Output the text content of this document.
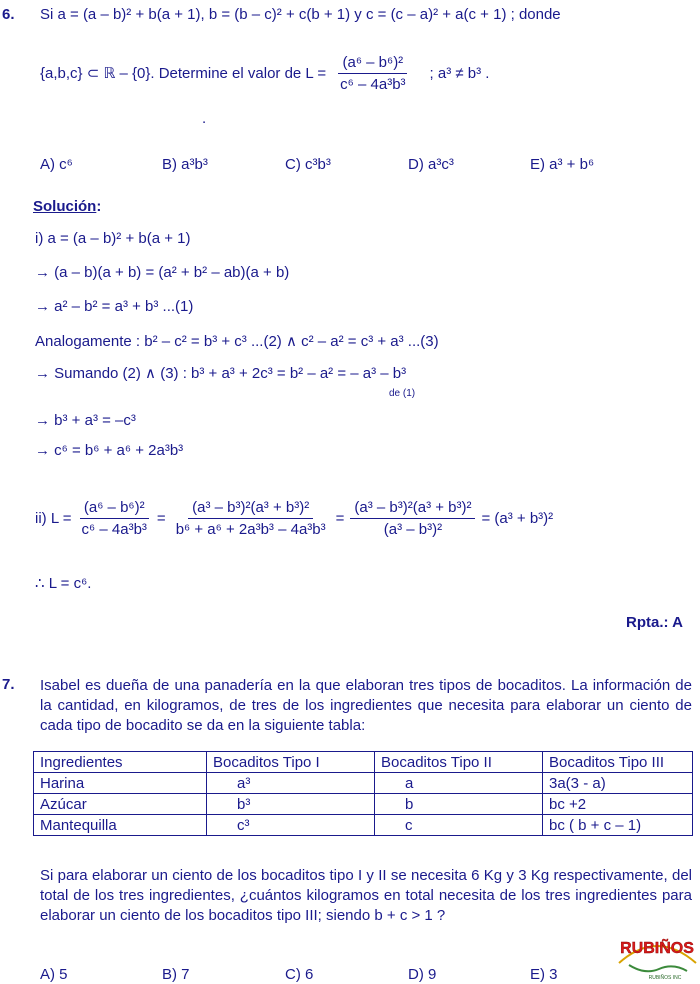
6. Si a = (a – b)² + b(a + 1), b = (b – c)² + c(b + 1) y c = (c – a)² + a(c + 1) ; donde
{a,b,c} ⊂ ℝ – {0}. Determine el valor de $L = \frac{\text{(a⁶ – b⁶)²}}{\text{c⁶ – 4a³b³}}$ ; a³ ≠ b³ .
.
A) c⁶	B) a³b³	C) c³b³	D) a³c³	E) a³ + b⁶
Solución:
i) a = (a – b)² + b(a + 1)
→ (a – b)(a + b) = (a² + b² – ab)(a + b)
→ a² – b² = a³ + b³ ...(1)
Analogamente : b² – c² = b³ + c³ ...(2) ∧ c² – a² = c³ + a³ ...(3)
→ Sumando (2) ∧ (3) : b³ + a³ + 2c³ = b² – a² = – a³ – b³
de (1)
→ b³ + a³ = –c³
→ c⁶ = b⁶ + a⁶ + 2a³b³
ii) $L = \frac{\text{(a⁶ – b⁶)²}}{\text{c⁶ – 4a³b³}} = \frac{\text{(a³ – b³)²(a³ + b³)²}}{\text{b⁶ + a⁶ + 2a³b³ – 4a³b³}} = \frac{\text{(a³ – b³)²(a³ + b³)²}}{\text{(a³ – b³)²}} = (a^3 + b^3)^2$
∴ L = c⁶.
Rpta.: A
7. Isabel es dueña de una panadería en la que elaboran tres tipos de bocaditos. La información de la cantidad, en kilogramos, de tres de los ingredientes que necesita para elaborar un ciento de cada tipo de bocadito se da en la siguiente tabla:
Ingredientes	Bocaditos Tipo I	Bocaditos Tipo II	Bocaditos Tipo III
Harina	a³	a	3a(3 - a)
Azúcar	b³	b	bc +2
Mantequilla	c³	c	bc ( b + c – 1)
Si para elaborar un ciento de los bocaditos tipo I y II se necesita 6 Kg y 3 Kg respectivamente, del total de los tres ingredientes, ¿cuántos kilogramos en total necesita de los tres ingredientes para elaborar un ciento de los bocaditos tipo III; siendo b + c > 1 ?
A) 5	B) 7	C) 6	D) 9	E) 3
RUBIÑOS
RUBIÑOS INC
